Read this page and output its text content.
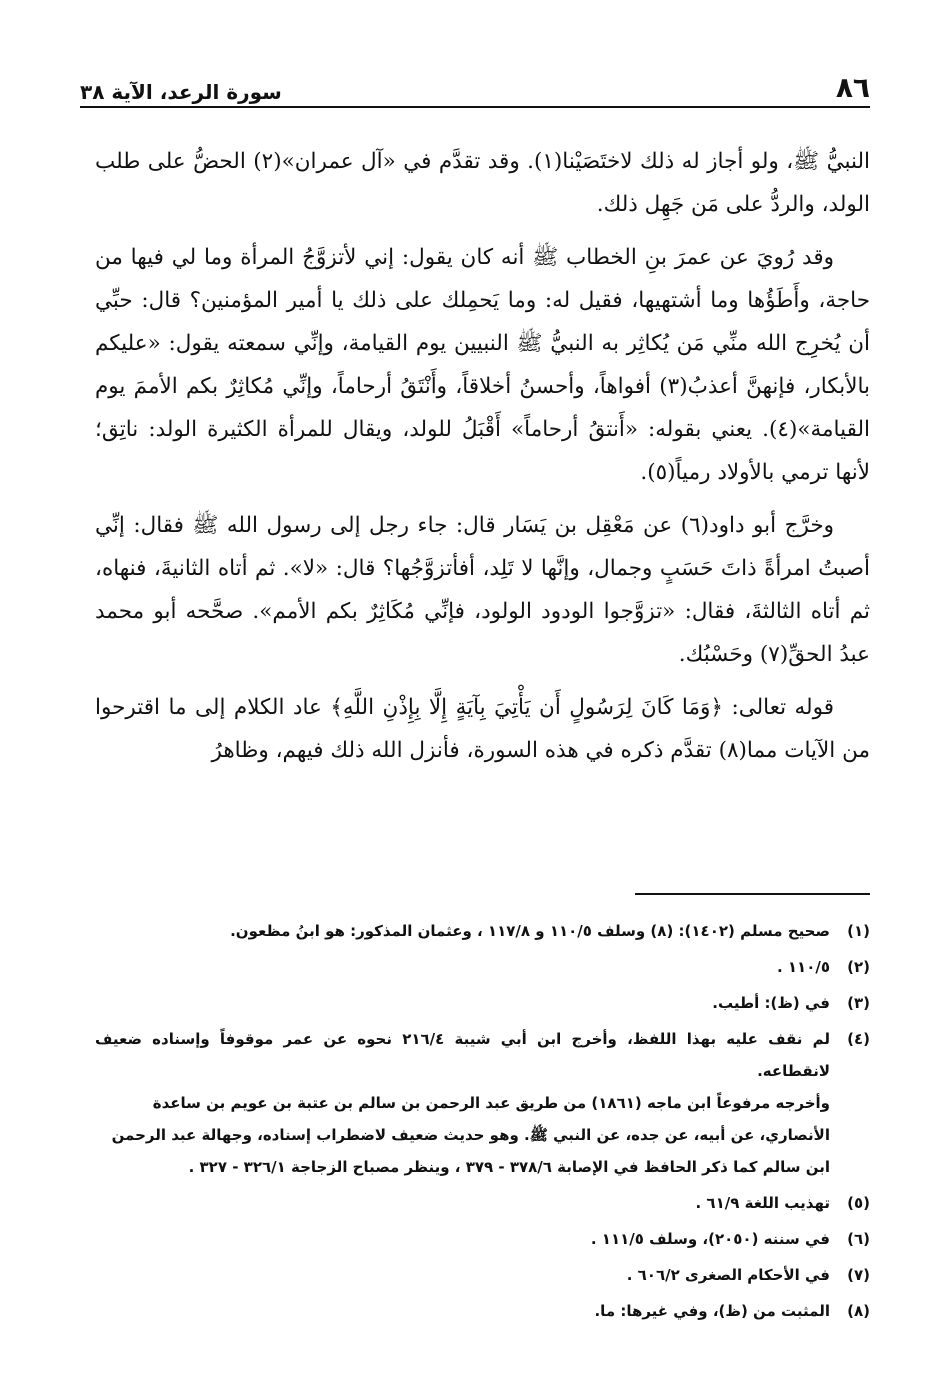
٨٦
سورة الرعد، الآية ٣٨

النبيُّ ﷺ، ولو أجاز له ذلك لاختَصَيْنا(١). وقد تقدَّم في «آل عمران»(٢) الحضُّ على طلب الولد، والردُّ على مَن جَهِل ذلك.

وقد رُويَ عن عمرَ بنِ الخطاب ﷺ أنه كان يقول: إني لأتزوَّجُ المرأة وما لي فيها من حاجة، وأَطَؤُها وما أشتهيها، فقيل له: وما يَحمِلك على ذلك يا أمير المؤمنين؟ قال: حبِّي أن يُخرِج الله منِّي مَن يُكاثِر به النبيُّ ﷺ النبيين يوم القيامة، وإنِّي سمعته يقول: «عليكم بالأبكار، فإنهنَّ أعذبُ(٣) أفواهاً، وأحسنُ أخلاقاً، وأَنْتَقُ أرحاماً، وإنِّي مُكاثِرٌ بكم الأممَ يوم القيامة»(٤). يعني بقوله: «أَنتقُ أرحاماً» أَقْبَلُ للولد، ويقال للمرأة الكثيرة الولد: ناتِق؛ لأنها ترمي بالأولاد رمياً(٥).

وخرَّج أبو داود(٦) عن مَعْقِل بن يَسَار قال: جاء رجل إلى رسول الله ﷺ فقال: إنِّي أصبتُ امرأةً ذاتَ حَسَبٍ وجمال، وإنَّها لا تَلِد، أفأتزوَّجُها؟ قال: «لا». ثم أتاه الثانيةَ، فنهاه، ثم أتاه الثالثةَ، فقال: «تزوَّجوا الودود الولود، فإنِّي مُكَاثِرٌ بكم الأمم». صحَّحه أبو محمد عبدُ الحقِّ(٧) وحَسْبُك.

قوله تعالى: ﴿وَمَا كَانَ لِرَسُولٍ أَن يَأْتِيَ بِآيَةٍ إِلَّا بِإِذْنِ اللَّهِ﴾ عاد الكلام إلى ما اقترحوا من الآيات مما(٨) تقدَّم ذكره في هذه السورة، فأنزل الله ذلك فيهم، وظاهرُ

(١)
صحيح مسلم (١٤٠٢): (٨) وسلف ١١٠/٥ و ١١٧/٨ ، وعثمان المذكور: هو ابنُ مظعون.
(٢)
١١٠/٥ .
(٣)
في (ظ): أطيب.
(٤)
لم نقف عليه بهذا اللفظ، وأخرج ابن أبي شيبة ٢١٦/٤ نحوه عن عمر موقوفاً وإسناده ضعيف لانقطاعه.
وأخرجه مرفوعاً ابن ماجه (١٨٦١) من طريق عبد الرحمن بن سالم بن عتبة بن عويم بن ساعدة
الأنصاري، عن أبيه، عن جده، عن النبي ﷺ. وهو حديث ضعيف لاضطراب إسناده، وجهالة عبد الرحمن
ابن سالم كما ذكر الحافظ في الإصابة ٣٧٨/٦ - ٣٧٩ ، وينظر مصباح الزجاجة ٣٢٦/١ - ٣٢٧ .
(٥)
تهذيب اللغة ٦١/٩ .
(٦)
في سننه (٢٠٥٠)، وسلف ١١١/٥ .
(٧)
في الأحكام الصغرى ٦٠٦/٢ .
(٨)
المثبت من (ظ)، وفي غيرها: ما.
